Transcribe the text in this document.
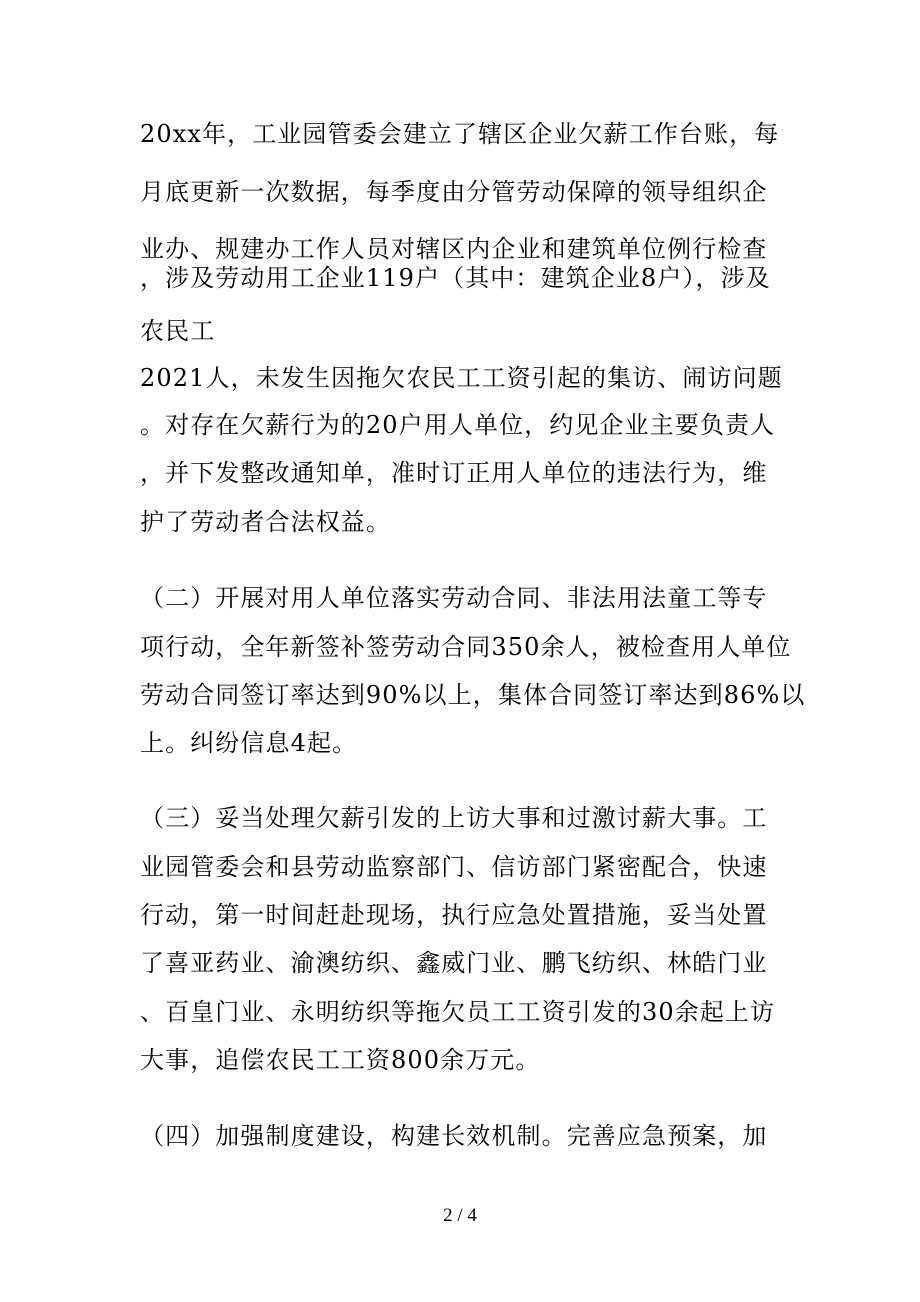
20xx年，工业园管委会建立了辖区企业欠薪工作台账，每
月底更新一次数据，每季度由分管劳动保障的领导组织企
业办、规建办工作人员对辖区内企业和建筑单位例行检查
，涉及劳动用工企业119户（其中：建筑企业8户），涉及
农民工
2021人，未发生因拖欠农民工工资引起的集访、闹访问题
。对存在欠薪行为的20户用人单位，约见企业主要负责人
，并下发整改通知单，准时订正用人单位的违法行为，维
护了劳动者合法权益。
（二）开展对用人单位落实劳动合同、非法用法童工等专
项行动，全年新签补签劳动合同350余人，被检查用人单位
劳动合同签订率达到90%以上，集体合同签订率达到86%以
上。纠纷信息4起。
（三）妥当处理欠薪引发的上访大事和过激讨薪大事。工
业园管委会和县劳动监察部门、信访部门紧密配合，快速
行动，第一时间赶赴现场，执行应急处置措施，妥当处置
了喜亚药业、渝澳纺织、鑫威门业、鹏飞纺织、林皓门业
、百皇门业、永明纺织等拖欠员工工资引发的30余起上访
大事，追偿农民工工资800余万元。
（四）加强制度建设，构建长效机制。完善应急预案，加
2 / 4
